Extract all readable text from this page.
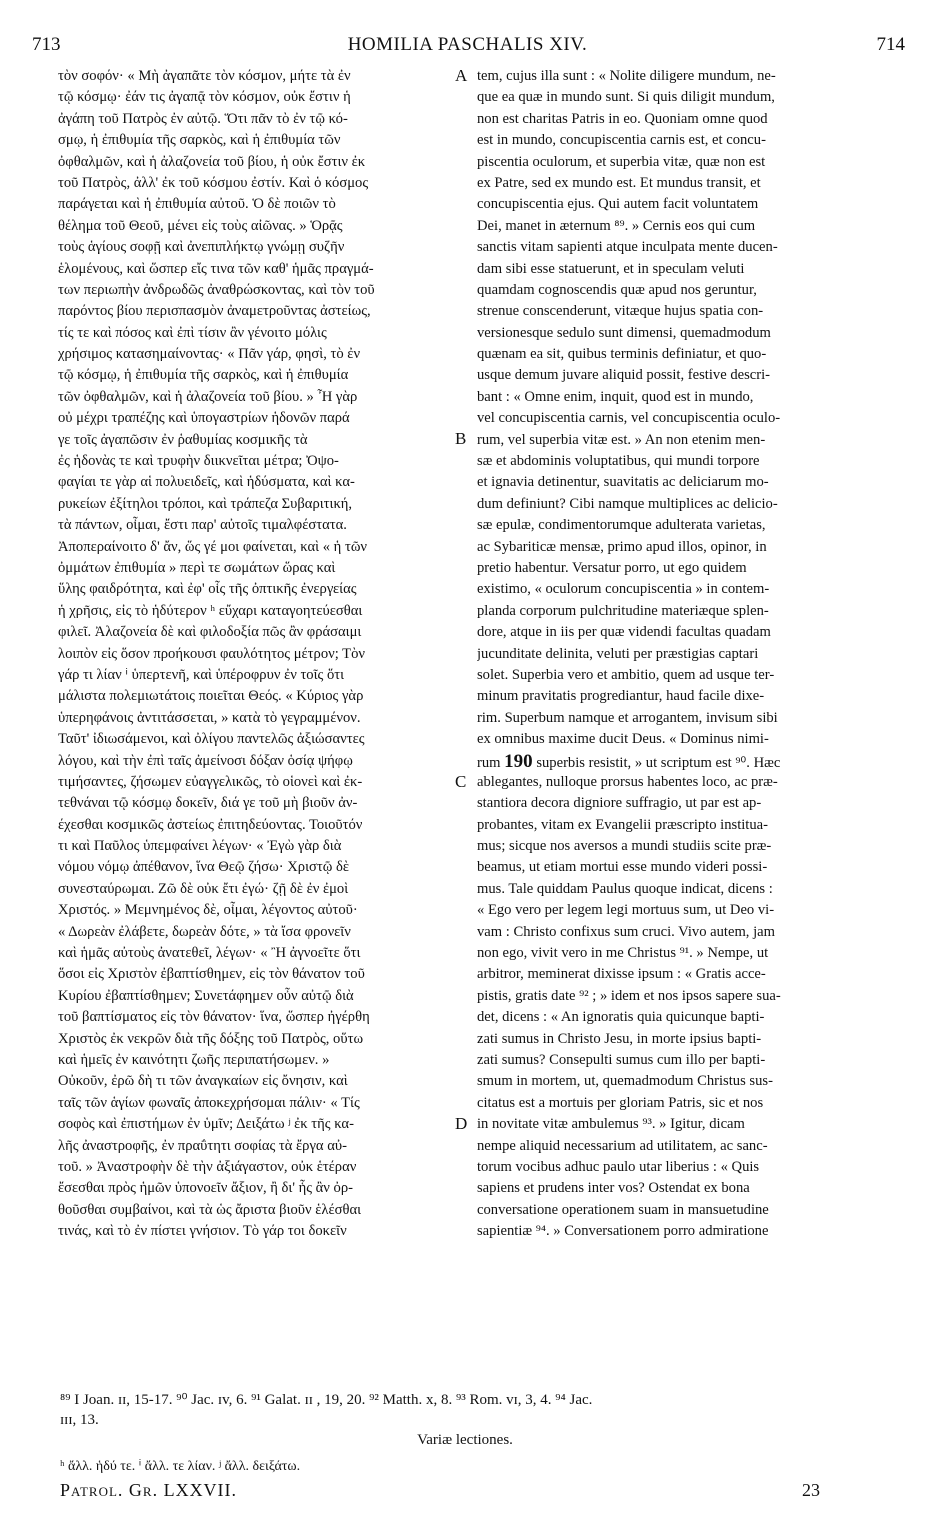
713	HOMILIA PASCHALIS XIV.	714
τὸν σοφόν· « Μὴ ἀγαπᾶτε τὸν κόσμον, μήτε τὰ ἐν
τῷ κόσμῳ· ἐάν τις ἀγαπᾷ τὸν κόσμον, οὐκ ἔστιν ἡ
ἀγάπη τοῦ Πατρὸς ἐν αὐτῷ. Ὅτι πᾶν τὸ ἐν τῷ κό-
σμῳ, ἡ ἐπιθυμία τῆς σαρκὸς, καὶ ἡ ἐπιθυμία τῶν
ὀφθαλμῶν, καὶ ἡ ἀλαζονεία τοῦ βίου, ἡ οὐκ ἔστιν ἐκ
τοῦ Πατρὸς, ἀλλ' ἐκ τοῦ κόσμου ἐστίν. Καὶ ὁ κόσμος
παράγεται καὶ ἡ ἐπιθυμία αὐτοῦ. Ὁ δὲ ποιῶν τὸ
θέλημα τοῦ Θεοῦ, μένει εἰς τοὺς αἰῶνας. » Ὁρᾷς
τοὺς ἁγίους σοφῇ καὶ ἀνεπιπλήκτῳ γνώμῃ συζῆν
ἑλομένους, καὶ ὥσπερ εἴς τινα τῶν καθ' ἡμᾶς πραγμά-
των περιωπὴν ἀνδρωδῶς ἀναθρώσκοντας, καὶ τὸν τοῦ
παρόντος βίου περισπασμὸν ἀναμετροῦντας ἀστείως,
τίς τε καὶ πόσος καὶ ἐπὶ τίσιν ἂν γένοιτο μόλις
χρήσιμος κατασημαίνοντας· « Πᾶν γάρ, φησὶ, τὸ ἐν
τῷ κόσμῳ, ἡ ἐπιθυμία τῆς σαρκὸς, καὶ ἡ ἐπιθυμία
τῶν ὀφθαλμῶν, καὶ ἡ ἀλαζονεία τοῦ βίου. » Ἦ γὰρ
οὐ μέχρι τραπέζης καὶ ὑπογαστρίων ἡδονῶν παρά
γε τοῖς ἀγαπῶσιν ἐν ῥαθυμίας κοσμικῆς τὰ
ἐς ἡδονὰς τε καὶ τρυφὴν διικνεῖται μέτρα; Ὀψο-
φαγίαι τε γὰρ αἱ πολυειδεῖς, καὶ ἡδύσματα, καὶ κα-
ρυκείων ἐξίτηλοι τρόποι, καὶ τράπεζα Συβαριτική,
τὰ πάντων, οἶμαι, ἔστι παρ' αὐτοῖς τιμαλφέστατα.
Ἀποπεραίνοιτο δ' ἄν, ὥς γέ μοι φαίνεται, καὶ « ἡ τῶν
ὀμμάτων ἐπιθυμία » περὶ τε σωμάτων ὥρας καὶ
ὕλης φαιδρότητα, καὶ ἐφ' οἷς τῆς ὀπτικῆς ἐνεργείας
ἡ χρῆσις, εἰς τὸ ἡδύτερον ʰ εὔχαρι καταγοητεύεσθαι
φιλεῖ. Ἀλαζονεία δὲ καὶ φιλοδοξία πῶς ἂν φράσαιμι
λοιπὸν εἰς ὅσον προήκουσι φαυλότητος μέτρον; Τὸν
γάρ τι λίαν ⁱ ὑπερτενῆ, καὶ ὑπέροφρυν ἐν τοῖς ὅτι
μάλιστα πολεμιωτάτοις ποιεῖται Θεός. « Κύριος γὰρ
ὑπερηφάνοις ἀντιτάσσεται, » κατὰ τὸ γεγραμμένον.
Ταῦτ' ἰδιωσάμενοι, καὶ ὀλίγου παντελῶς ἀξιώσαντες
λόγου, καὶ τὴν ἐπὶ ταῖς ἀμείνοσι δόξαν ὁσίᾳ ψήφῳ
τιμήσαντες, ζήσωμεν εὐαγγελικῶς, τὸ οἱονεὶ καὶ ἐκ-
τεθνάναι τῷ κόσμῳ δοκεῖν, διά γε τοῦ μὴ βιοῦν ἀν-
έχεσθαι κοσμικῶς ἀστείως ἐπιτηδεύοντας. Τοιοῦτόν
τι καὶ Παῦλος ὑπεμφαίνει λέγων· « Ἐγὼ γὰρ διὰ
νόμου νόμῳ ἀπέθανον, ἵνα Θεῷ ζήσω· Χριστῷ δὲ
συνεσταύρωμαι. Ζῶ δὲ οὐκ ἔτι ἐγώ· ζῇ δὲ ἐν ἐμοὶ
Χριστός. » Μεμνημένος δὲ, οἶμαι, λέγοντος αὐτοῦ·
« Δωρεὰν ἐλάβετε, δωρεὰν δότε, » τὰ ἴσα φρονεῖν
καὶ ἡμᾶς αὐτοὺς ἀνατεθεῖ, λέγων· « Ἢ ἀγνοεῖτε ὅτι
ὅσοι εἰς Χριστὸν ἐβαπτίσθημεν, εἰς τὸν θάνατον τοῦ
Κυρίου ἐβαπτίσθημεν; Συνετάφημεν οὖν αὐτῷ διὰ
τοῦ βαπτίσματος εἰς τὸν θάνατον· ἵνα, ὥσπερ ἠγέρθη
Χριστὸς ἐκ νεκρῶν διὰ τῆς δόξης τοῦ Πατρὸς, οὕτω
καὶ ἡμεῖς ἐν καινότητι ζωῆς περιπατήσωμεν. »
Οὐκοῦν, ἐρῶ δὴ τι τῶν ἀναγκαίων εἰς ὄνησιν, καὶ
ταῖς τῶν ἁγίων φωναῖς ἀποκεχρήσομαι πάλιν· « Τίς
σοφὸς καὶ ἐπιστήμων ἐν ὑμῖν; Δειξάτω ʲ ἐκ τῆς κα-
λῆς ἀναστροφῆς, ἐν πραΰτητι σοφίας τὰ ἔργα αὐ-
τοῦ. » Ἀναστροφὴν δὲ τὴν ἀξιάγαστον, οὐκ ἑτέραν
ἔσεσθαι πρὸς ἡμῶν ὑπονοεῖν ἄξιον, ἢ δι' ἧς ἂν ὀρ-
θοῦσθαι συμβαίνοι, καὶ τὰ ὡς ἄριστα βιοῦν ἑλέσθαι
τινάς, καὶ τὸ ἐν πίστει γνήσιον. Τὸ γάρ τοι δοκεῖν
tem, cujus illa sunt : « Nolite diligere mundum, ne-
que ea quæ in mundo sunt. Si quis diligit mundum,
non est charitas Patris in eo. Quoniam omne quod
est in mundo, concupiscentia carnis est, et concu-
piscentia oculorum, et superbia vitæ, quæ non est
ex Patre, sed ex mundo est. Et mundus transit, et
concupiscentia ejus. Qui autem facit voluntatem
Dei, manet in æternum ⁸⁹. » Cernis eos qui cum
sanctis vitam sapienti atque inculpata mente ducen-
dam sibi esse statuerunt, et in speculam veluti
quamdam cognoscendis quæ apud nos geruntur,
strenue conscenderunt, vitæque hujus spatia con-
versionesque sedulo sunt dimensi, quemadmodum
quænam ea sit, quibus terminis definiatur, et quo-
usque demum juvare aliquid possit, festive descri-
bant : « Omne enim, inquit, quod est in mundo,
vel concupiscentia carnis, vel concupiscentia oculo-
rum, vel superbia vitæ est. » An non etenim men-
sæ et abdominis voluptatibus, qui mundi torpore
et ignavia detinentur, suavitatis ac deliciarum mo-
dum definiunt? Cibi namque multiplices ac delicio-
sæ epulæ, condimentorumque adulterata varietas,
ac Sybariticæ mensæ, primo apud illos, opinor, in
pretio habentur. Versatur porro, ut ego quidem
existimo, « oculorum concupiscentia » in contem-
planda corporum pulchritudine materiæque splen-
dore, atque in iis per quæ videndi facultas quadam
jucunditate delinita, veluti per præstigias captari
solet. Superbia vero et ambitio, quem ad usque ter-
minum pravitatis progrediantur, haud facile dixe-
rim. Superbum namque et arrogantem, invisum sibi
ex omnibus maxime ducit Deus. « Dominus nimi-
rum 190 superbis resistit, » ut scriptum est ⁹⁰. Hæc
ablegantes, nulloque prorsus habentes loco, ac præ-
stantiora decora digniore suffragio, ut par est ap-
probantes, vitam ex Evangelii præscripto instituа-
mus; sicque nos aversos a mundi studiis scite præ-
beamus, ut etiam mortui esse mundo videri possi-
mus. Tale quiddam Paulus quoque indicat, dicens :
« Ego vero per legem legi mortuus sum, ut Deo vi-
vam : Christo confixus sum cruci. Vivo autem, jam
non ego, vivit vero in me Christus ⁹¹. » Nempe, ut
arbitror, meminerat dixisse ipsum : « Gratis acce-
pistis, gratis date ⁹² ; » idem et nos ipsos sapere sua-
det, dicens : « An ignoratis quia quicunque bapti-
zati sumus in Christo Jesu, in morte ipsius bapti-
zati sumus? Consepulti sumus cum illo per bapti-
smum in mortem, ut, quemadmodum Christus sus-
citatus est a mortuis per gloriam Patris, sic et nos
in novitate vitæ ambulemus ⁹³. » Igitur, dicam
nempe aliquid necessarium ad utilitatem, ac sanc-
torum vocibus adhuc paulo utar liberius : « Quis
sapiens et prudens inter vos? Ostendat ex bona
conversatione operationem suam in mansuetudine
sapientiæ ⁹⁴. » Conversationem porro admiratione
A
B
C
D
⁸⁹ I Joan. ɪɪ, 15-17. ⁹⁰ Jac. ɪv, 6. ⁹¹ Galat. ɪɪ , 19, 20. ⁹² Matth. x, 8. ⁹³ Rom. vɪ, 3, 4. ⁹⁴ Jac.
ɪɪɪ, 13.
Variæ lectiones.
ʰ ἄλλ. ἡδύ τε. ⁱ ἄλλ. τε λίαν. ʲ ἄλλ. δειξάτω.
Patrol. Gr. LXXVII.	23
